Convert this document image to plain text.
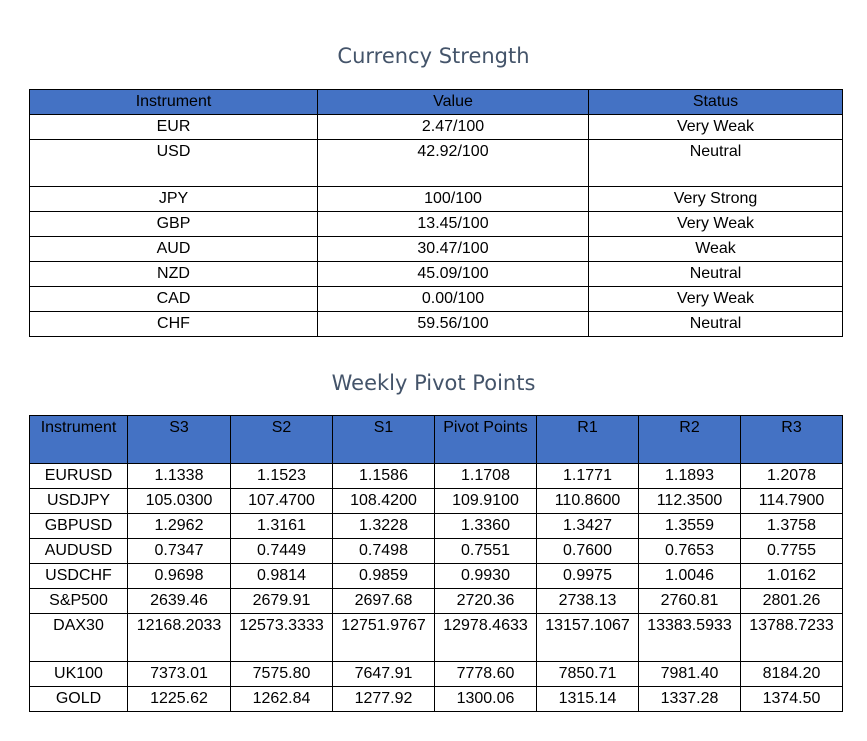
Currency Strength
Instrument	Value	Status
EUR	2.47/100	Very Weak
USD	42.92/100	Neutral
JPY	100/100	Very Strong
GBP	13.45/100	Very Weak
AUD	30.47/100	Weak
NZD	45.09/100	Neutral
CAD	0.00/100	Very Weak
CHF	59.56/100	Neutral
Weekly Pivot Points
Instrument	S3	S2	S1	Pivot Points	R1	R2	R3
EURUSD	1.1338	1.1523	1.1586	1.1708	1.1771	1.1893	1.2078
USDJPY	105.0300	107.4700	108.4200	109.9100	110.8600	112.3500	114.7900
GBPUSD	1.2962	1.3161	1.3228	1.3360	1.3427	1.3559	1.3758
AUDUSD	0.7347	0.7449	0.7498	0.7551	0.7600	0.7653	0.7755
USDCHF	0.9698	0.9814	0.9859	0.9930	0.9975	1.0046	1.0162
S&P500	2639.46	2679.91	2697.68	2720.36	2738.13	2760.81	2801.26
DAX30	12168.2033	12573.3333	12751.9767	12978.4633	13157.1067	13383.5933	13788.7233
UK100	7373.01	7575.80	7647.91	7778.60	7850.71	7981.40	8184.20
GOLD	1225.62	1262.84	1277.92	1300.06	1315.14	1337.28	1374.50
